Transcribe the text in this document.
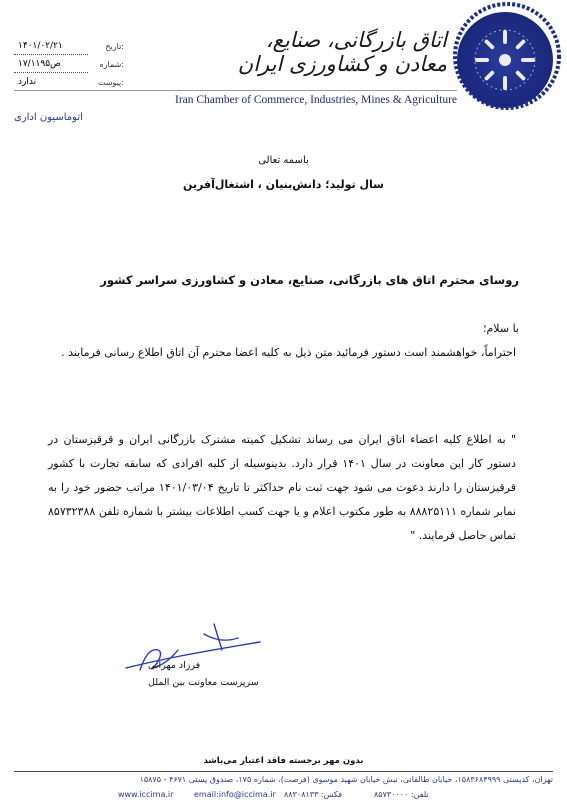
۱۴۰۱/۰۲/۲۱	تاریخ:
۱۷/۱۱۹۵ص	شماره:
ندارد	پیوست:
اتاق بازرگانی، صنایع، معادن و کشاورزی ایران
Iran Chamber of Commerce, Industries, Mines & Agriculture
اتوماسیون اداری
باسمه تعالی
سال تولید؛ دانش‌بنیان ، اشتغال‌آفرین
روسای محترم اتاق های بازرگانی، صنایع، معادن و کشاورزی سراسر کشور
با سلام؛

احتراماً، خواهشمند است دستور فرمائید متن ذیل به کلیه اعضا محترم آن اتاق اطلاع رسانی فرمایند .

" به اطلاع کلیه اعضاء اتاق ایران می رساند تشکیل کمیته مشترک بازرگانی ایران و قرقیزستان در دستور کار این معاونت در سال ۱۴۰۱ قرار دارد. بدینوسیله از کلیه افرادی که سابقه تجارت با کشور قرقیزستان را دارند دعوت می شود جهت ثبت نام حداکثر تا تاریخ ۱۴۰۱/۰۳/۰۴ مراتب حضور خود را به نمابر شماره ۸۸۸۲۵۱۱۱ به طور مکتوب اعلام و یا جهت کسب اطلاعات بیشتر با شماره تلفن ۸۵۷۳۲۳۸۸ تماس حاصل فرمایند. "

فرزاد مهرانی
سرپرست معاونت بین الملل
بدون مهر برجسته فاقد اعتبار می‌باشد
تهران، کدپستی ۱۵۸۳۶۸۴۹۹۹، خیابان طالقانی، نبش خیابان شهید موسوی (فرصت)، شماره ۱۷۵، صندوق پستی ۴۶۷۱ - ۱۵۸۷۵
www.iccima.ir	email:info@iccima.ir فکس: ۸۸۳۰۸۱۳۳	تلفن: ۸۵۷۳۰۰۰۰
